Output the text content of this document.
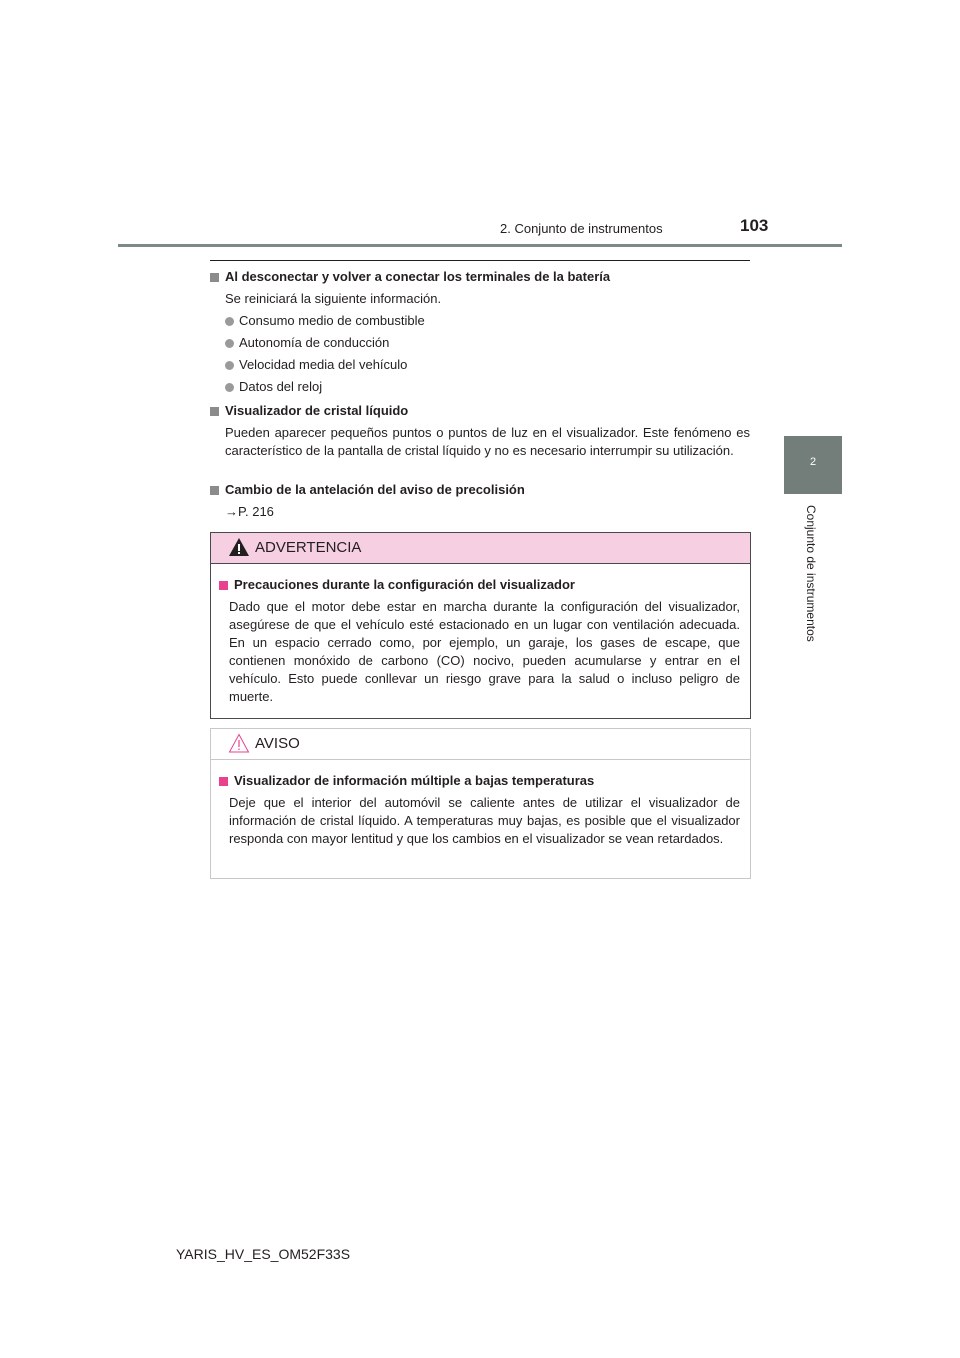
2. Conjunto de instrumentos	103
2
Conjunto de instrumentos
Al desconectar y volver a conectar los terminales de la batería
Se reiniciará la siguiente información.
Consumo medio de combustible
Autonomía de conducción
Velocidad media del vehículo
Datos del reloj
Visualizador de cristal líquido
Pueden aparecer pequeños puntos o puntos de luz en el visualizador. Este fenómeno es característico de la pantalla de cristal líquido y no es necesario interrumpir su utilización.
Cambio de la antelación del aviso de precolisión
→P. 216
ADVERTENCIA
Precauciones durante la configuración del visualizador
Dado que el motor debe estar en marcha durante la configuración del visualizador, asegúrese de que el vehículo esté estacionado en un lugar con ventilación adecuada. En un espacio cerrado como, por ejemplo, un garaje, los gases de escape, que contienen monóxido de carbono (CO) nocivo, pueden acumularse y entrar en el vehículo. Esto puede conllevar un riesgo grave para la salud o incluso peligro de muerte.
AVISO
Visualizador de información múltiple a bajas temperaturas
Deje que el interior del automóvil se caliente antes de utilizar el visualizador de información de cristal líquido. A temperaturas muy bajas, es posible que el visualizador responda con mayor lentitud y que los cambios en el visualizador se vean retardados.
YARIS_HV_ES_OM52F33S
